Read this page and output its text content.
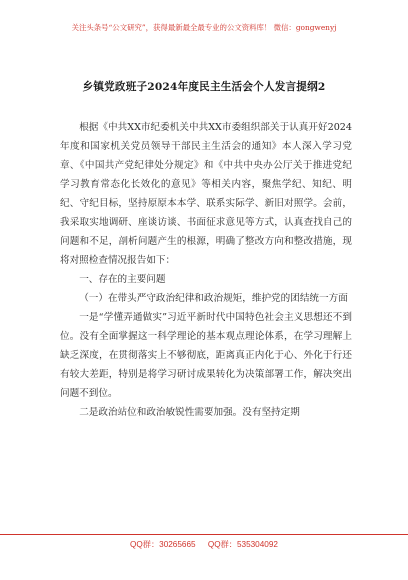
关注头条号“公文研究”，获得最新最全最专业的公文资料库！ 微信：gongwenyj
乡镇党政班子2024年度民主生活会个人发言提纲2

根据《中共XX市纪委机关中共XX市委组织部关于认真开好2024年度和国家机关党员领导干部民主生活会的通知》本人深入学习党章、《中国共产党纪律处分规定》和《中共中央办公厅关于推进党纪学习教育常态化长效化的意见》等相关内容，聚焦学纪、知纪、明纪、守纪目标，坚持原原本本学、联系实际学、新旧对照学。会前，我采取实地调研、座谈访谈、书面征求意见等方式，认真查找自己的问题和不足，剖析问题产生的根源，明确了整改方向和整改措施，现将对照检查情况报告如下：

一、存在的主要问题

（一）在带头严守政治纪律和政治规矩，维护党的团结统一方面

一是“学懂弄通做实”习近平新时代中国特色社会主义思想还不到位。没有全面掌握这一科学理论的基本观点理论体系，在学习理解上缺乏深度，在贯彻落实上不够彻底，距离真正内化于心、外化于行还有较大差距，特别是将学习研讨成果转化为决策部署工作，解决突出问题不到位。

二是政治站位和政治敏锐性需要加强。没有坚持定期

QQ群：30265665 QQ群：535304092
